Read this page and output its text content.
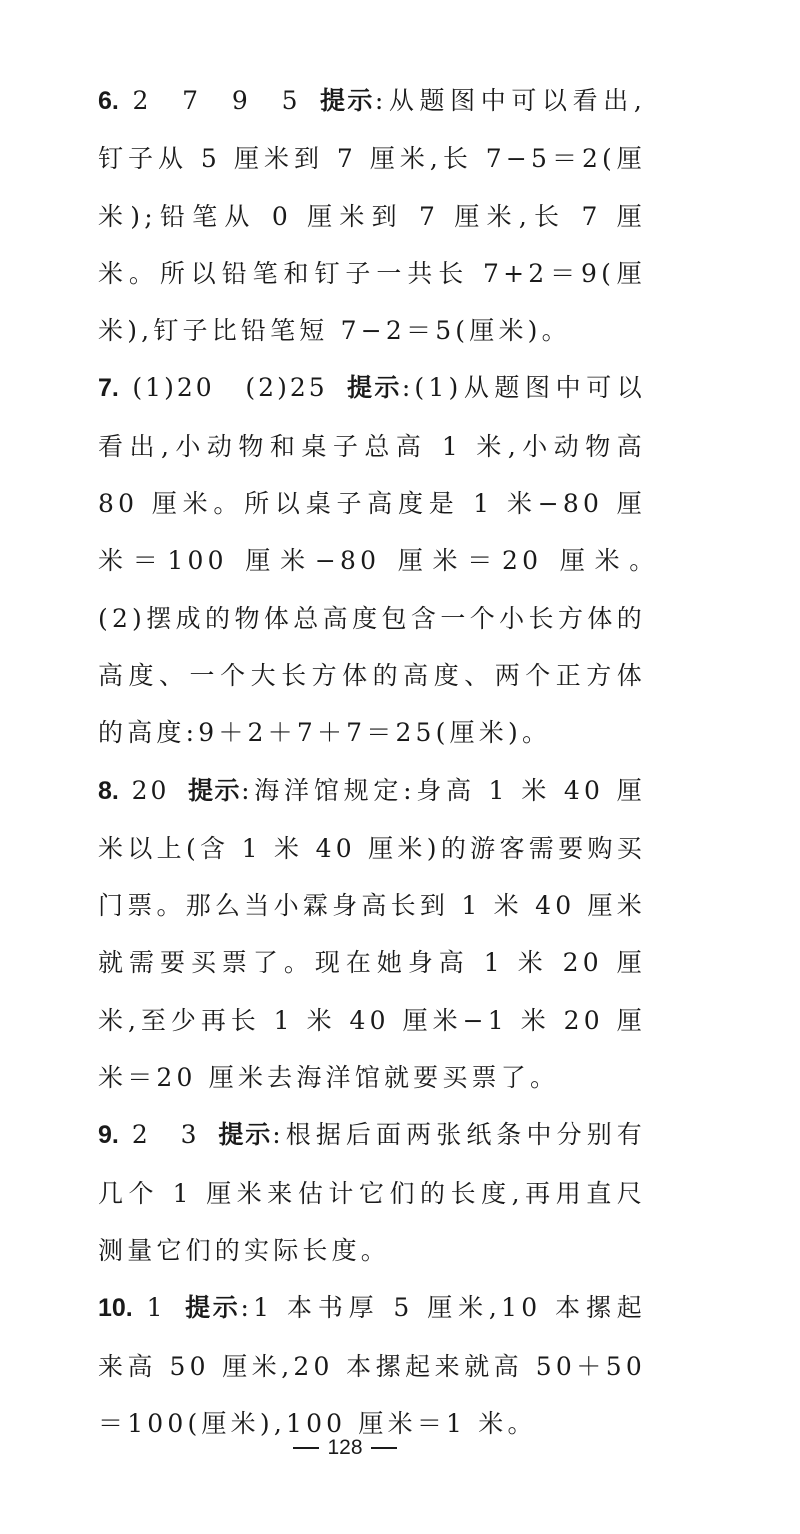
6. 2　7　9　5 提示:从题图中可以看出,钉子从 5 厘米到 7 厘米,长 7−5＝2(厘米);铅笔从 0 厘米到 7 厘米,长 7 厘米。所以铅笔和钉子一共长 7+2＝9(厘米),钉子比铅笔短 7−2＝5(厘米)。

7. (1)20　(2)25 提示:(1)从题图中可以看出,小动物和桌子总高 1 米,小动物高 80 厘米。所以桌子高度是 1 米−80 厘米＝100 厘米−80 厘米＝20 厘米。　(2)摆成的物体总高度包含一个小长方体的高度、一个大长方体的高度、两个正方体的高度:9＋2＋7＋7＝25(厘米)。

8. 20 提示:海洋馆规定:身高 1 米 40 厘米以上(含 1 米 40 厘米)的游客需要购买门票。那么当小霖身高长到 1 米 40 厘米就需要买票了。现在她身高 1 米 20 厘米,至少再长 1 米 40 厘米−1 米 20 厘米＝20 厘米去海洋馆就要买票了。

9. 2　3 提示:根据后面两张纸条中分别有几个 1 厘米来估计它们的长度,再用直尺测量它们的实际长度。

10. 1 提示:1 本书厚 5 厘米,10 本摞起来高 50 厘米,20 本摞起来就高 50＋50＝100(厘米),100 厘米＝1 米。

128
